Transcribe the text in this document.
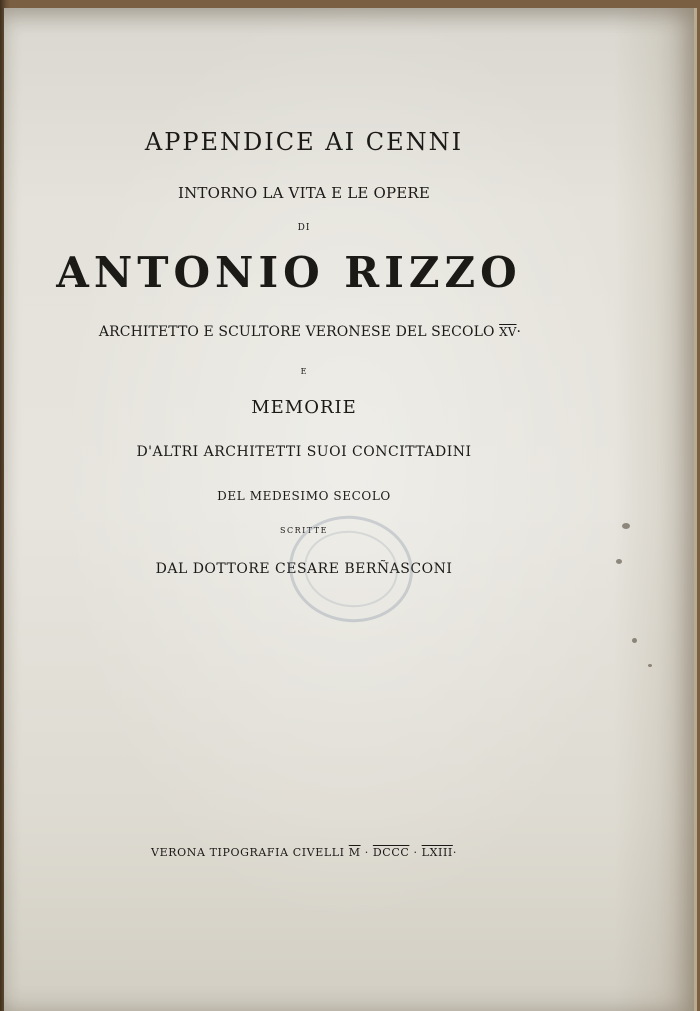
APPENDICE AI CENNI
INTORNO LA VITA E LE OPERE
DI
ANTONIO RIZZO
ARCHITETTO E SCULTORE VERONESE DEL SECOLO $\overline{XV}\cdot$
E
MEMORIE
D'ALTRI ARCHITETTI SUOI CONCITTADINI
DEL MEDESIMO SECOLO
SCRITTE
DAL DOTTORE CESARE BERÑASCONI
VERONA TIPOGRAFIA CIVELLI $\overline{M}$ · DCCC · LXIII·
